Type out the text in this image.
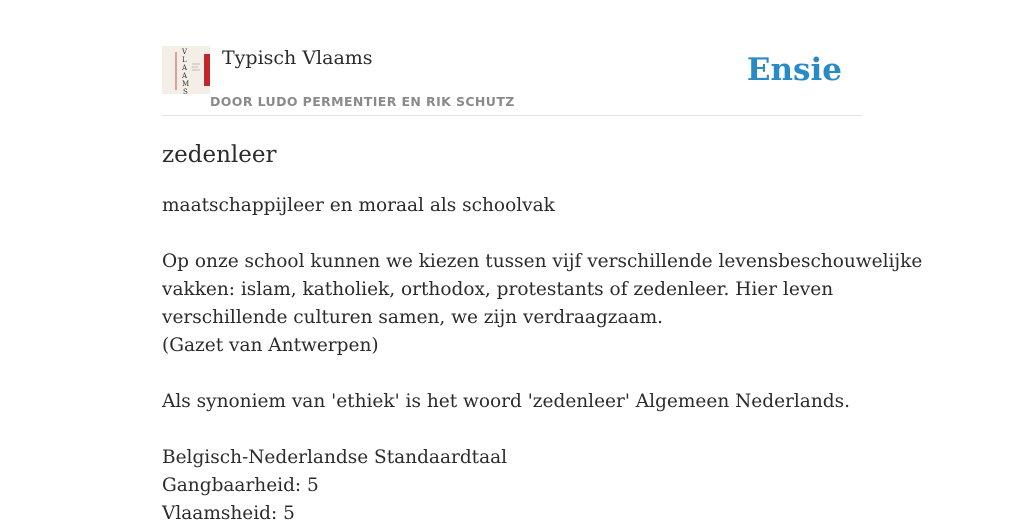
V
L
A
A
M
S
Typisch Vlaams
DOOR LUDO PERMENTIER EN RIK SCHUTZ
Ensie
zedenleer

maatschappijleer en moraal als schoolvak

Op onze school kunnen we kiezen tussen vijf verschillende levensbeschouwelijke

vakken: islam, katholiek, orthodox, protestants of zedenleer. Hier leven

verschillende culturen samen, we zijn verdraagzaam.

(Gazet van Antwerpen)

Als synoniem van 'ethiek' is het woord 'zedenleer' Algemeen Nederlands.

Belgisch-Nederlandse Standaardtaal

Gangbaarheid: 5

Vlaamsheid: 5
